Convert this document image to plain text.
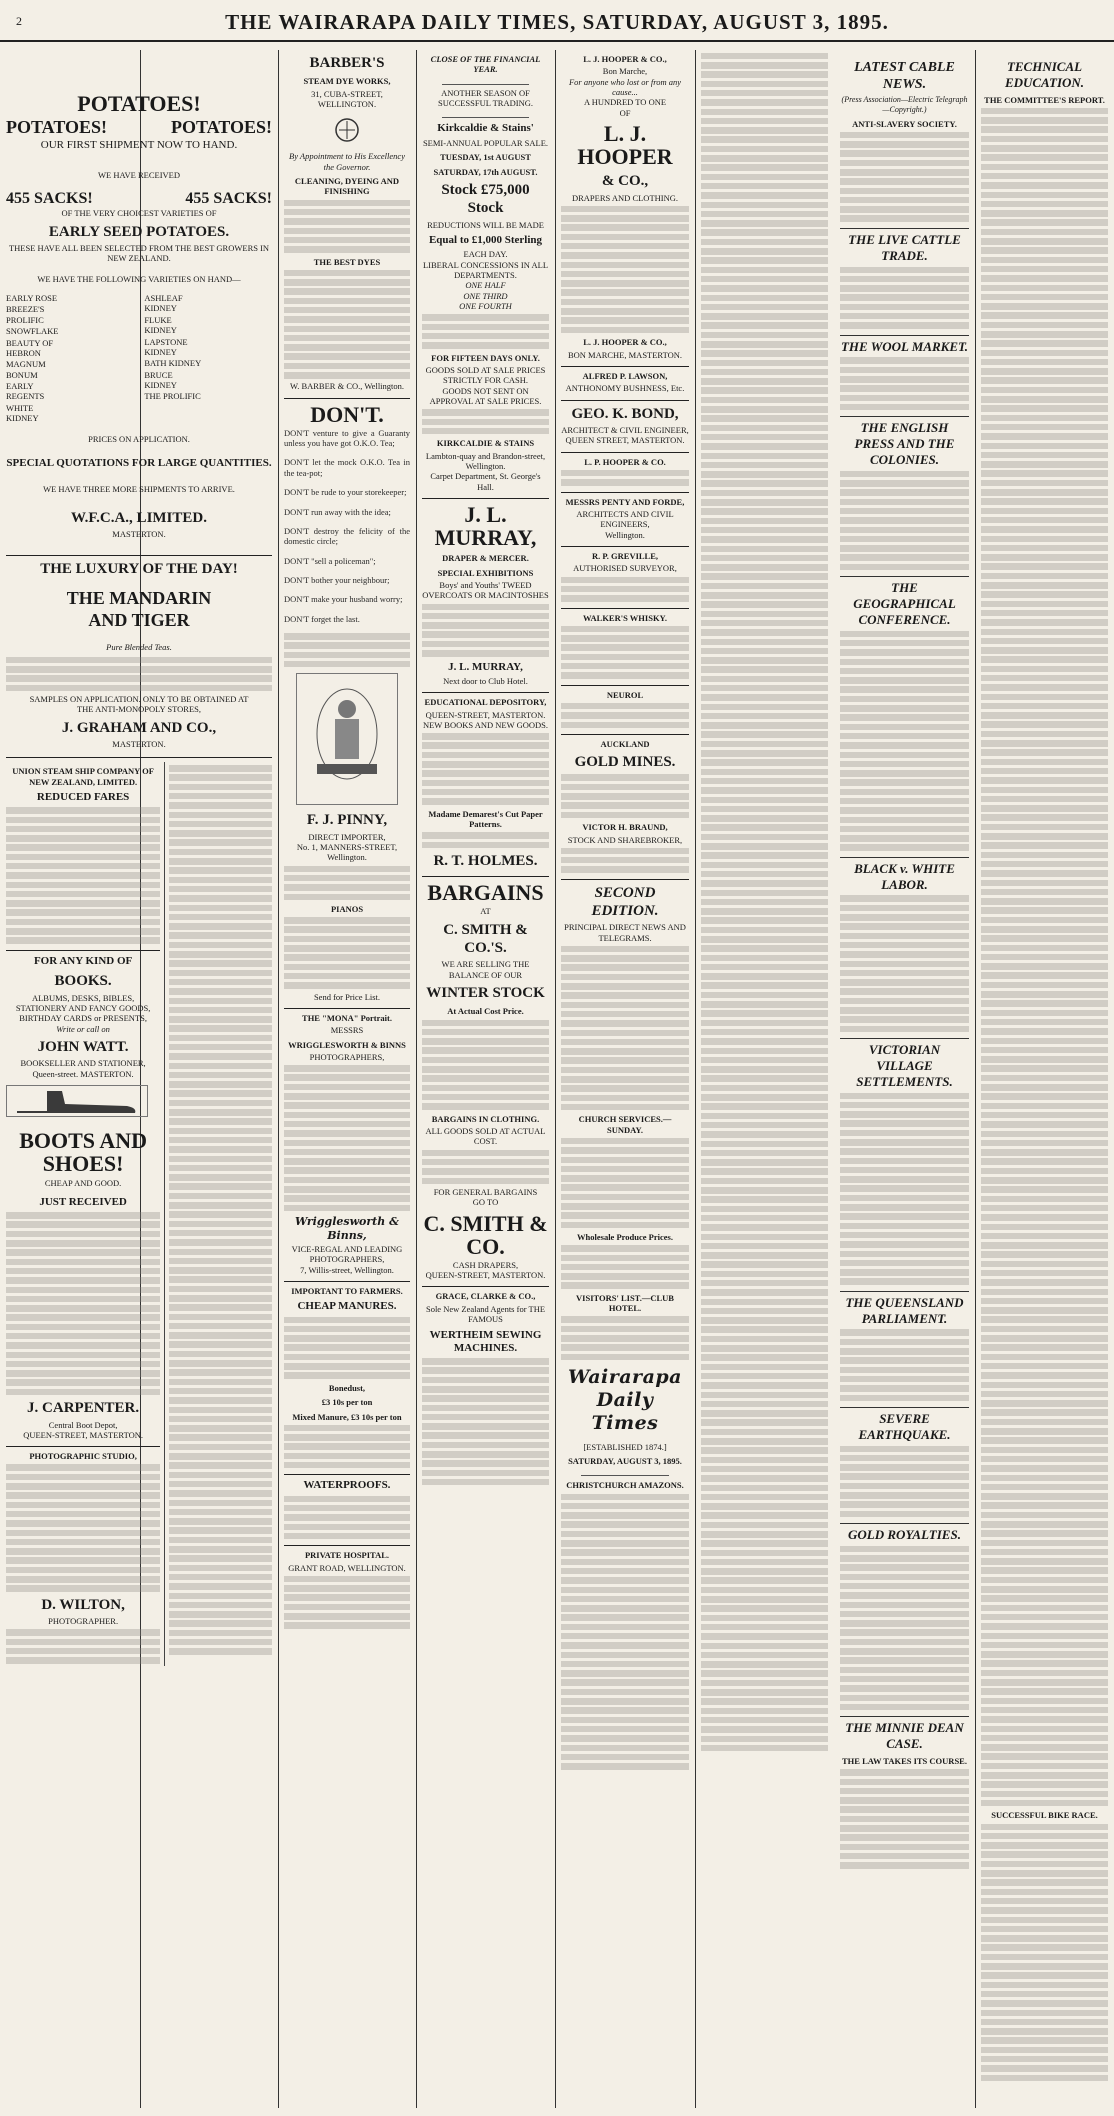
2	THE WAIRARAPA DAILY TIMES, SATURDAY, AUGUST 3, 1895.
POTATOES!
POTATOES!	POTATOES!
OUR FIRST SHIPMENT NOW TO HAND.
WE HAVE RECEIVED
455 SACKS!	455 SACKS!
OF THE VERY CHOICEST VARIETIES OF
EARLY SEED POTATOES.
THESE HAVE ALL BEEN SELECTED FROM THE BEST GROWERS IN NEW ZEALAND.
WE HAVE THE FOLLOWING VARIETIES ON HAND—
EARLY ROSE
BREEZE'S PROLIFIC
SNOWFLAKE
BEAUTY OF HEBRON
MAGNUM BONUM
EARLY REGENTS
WHITE KIDNEY
ASHLEAF KIDNEY
FLUKE KIDNEY
LAPSTONE KIDNEY
BATH KIDNEY
BRUCE KIDNEY
THE PROLIFIC
PRICES ON APPLICATION.
SPECIAL QUOTATIONS FOR LARGE QUANTITIES.
WE HAVE THREE MORE SHIPMENTS TO ARRIVE.
W.F.C.A., LIMITED.
MASTERTON.
THE LUXURY OF THE DAY!
THE MANDARIN AND TIGER
Pure Blended Teas.
SAMPLES ON APPLICATION. ONLY TO BE OBTAINED AT
THE ANTI-MONOPOLY STORES,
J. GRAHAM AND CO.,
MASTERTON.
UNION STEAM SHIP COMPANY OF NEW ZEALAND, LIMITED.
REDUCED FARES
FOR ANY KIND OF
BOOKS.
ALBUMS, DESKS, BIBLES, STATIONERY AND FANCY GOODS, BIRTHDAY CARDS or PRESENTS,
Write or call on
JOHN WATT.
BOOKSELLER AND STATIONER,
Queen-street. MASTERTON.
BOOTS AND SHOES!
CHEAP AND GOOD.
JUST RECEIVED
J. CARPENTER.
Central Boot Depot,
QUEEN-STREET, MASTERTON.
PHOTOGRAPHIC STUDIO,
D. WILTON,
PHOTOGRAPHER.
BARBER'S
STEAM DYE WORKS,
31, CUBA-STREET, WELLINGTON.
By Appointment to His Excellency the Governor.
CLEANING, DYEING AND FINISHING
THE BEST DYES
W. BARBER & CO., Wellington.
DON'T.
DON'T venture to give a Guaranty unless you have got O.K.O. Tea;
DON'T let the mock O.K.O. Tea in the tea-pot;
DON'T be rude to your storekeeper;
DON'T run away with the idea;
DON'T destroy the felicity of the domestic circle;
DON'T "sell a policeman";
DON'T bother your neighbour;
DON'T make your husband worry;
DON'T forget the last.
F. J. PINNY,
DIRECT IMPORTER,
No. 1, MANNERS-STREET, Wellington.
PIANOS
Send for Price List.
THE "MONA" Portrait.
MESSRS
WRIGGLESWORTH & BINNS
PHOTOGRAPHERS,
Wrigglesworth & Binns,
VICE-REGAL AND LEADING PHOTOGRAPHERS,
7, Willis-street, Wellington.
IMPORTANT TO FARMERS.
CHEAP MANURES.
Bonedust,
£3 10s per ton
Mixed Manure, £3 10s per ton
WATERPROOFS.
PRIVATE HOSPITAL.
GRANT ROAD, WELLINGTON.
CLOSE OF THE FINANCIAL YEAR.
ANOTHER SEASON OF SUCCESSFUL TRADING.
Kirkcaldie & Stains'
SEMI-ANNUAL POPULAR SALE.
TUESDAY, 1st AUGUST
SATURDAY, 17th AUGUST.
Stock £75,000 Stock
REDUCTIONS WILL BE MADE
Equal to £1,000 Sterling
EACH DAY.
LIBERAL CONCESSIONS IN ALL DEPARTMENTS.
ONE HALF
ONE THIRD
ONE FOURTH
FOR FIFTEEN DAYS ONLY.
GOODS SOLD AT SALE PRICES STRICTLY FOR CASH.
GOODS NOT SENT ON APPROVAL AT SALE PRICES.
KIRKCALDIE & STAINS
Lambton-quay and Brandon-street, Wellington.
Carpet Department, St. George's Hall.
J. L. MURRAY,
DRAPER & MERCER.
SPECIAL EXHIBITIONS
Boys' and Youths' TWEED
OVERCOATS OR MACINTOSHES
J. L. MURRAY,
Next door to Club Hotel.
EDUCATIONAL DEPOSITORY,
QUEEN-STREET, MASTERTON.
NEW BOOKS AND NEW GOODS.
Madame Demarest's Cut Paper Patterns.
R. T. HOLMES.
BARGAINS
AT
C. SMITH & CO.'S.
WE ARE SELLING THE BALANCE OF OUR
WINTER STOCK
At Actual Cost Price.
BARGAINS IN CLOTHING.
ALL GOODS SOLD AT ACTUAL COST.
FOR GENERAL BARGAINS
GO TO
C. SMITH & CO.
CASH DRAPERS,
QUEEN-STREET, MASTERTON.
GRACE, CLARKE & CO.,
Sole New Zealand Agents for THE FAMOUS
WERTHEIM SEWING MACHINES.
L. J. HOOPER & CO.,
Bon Marche,
For anyone who lost or from any cause...
A HUNDRED TO ONE
OF
L. J. HOOPER
& CO.,
DRAPERS AND CLOTHING.
L. J. HOOPER & CO.,
BON MARCHE, MASTERTON.
ALFRED P. LAWSON,
ANTHONOMY BUSHNESS, Etc.
GEO. K. BOND,
ARCHITECT & CIVIL ENGINEER,
QUEEN STREET, MASTERTON.
L. P. HOOPER & CO.
MESSRS PENTY AND FORDE,
ARCHITECTS AND CIVIL ENGINEERS,
Wellington.
R. P. GREVILLE,
AUTHORISED SURVEYOR,
WALKER'S WHISKY.
NEUROL
AUCKLAND
GOLD MINES.
VICTOR H. BRAUND,
STOCK AND SHAREBROKER,
SECOND EDITION.
PRINCIPAL DIRECT NEWS AND TELEGRAMS.
CHURCH SERVICES.—SUNDAY.
Wholesale Produce Prices.
VISITORS' LIST.—CLUB HOTEL.
Wairarapa Daily Times
[ESTABLISHED 1874.]
SATURDAY, AUGUST 3, 1895.
CHRISTCHURCH AMAZONS.
TECHNICAL EDUCATION.
THE COMMITTEE'S REPORT.
SUCCESSFUL BIKE RACE.
LATEST CABLE NEWS.
(Press Association—Electric Telegraph—Copyright.)
ANTI-SLAVERY SOCIETY.
THE LIVE CATTLE TRADE.
THE WOOL MARKET.
THE ENGLISH PRESS AND THE COLONIES.
THE GEOGRAPHICAL CONFERENCE.
BLACK v. WHITE LABOR.
VICTORIAN VILLAGE SETTLEMENTS.
THE QUEENSLAND PARLIAMENT.
SEVERE EARTHQUAKE.
GOLD ROYALTIES.
THE MINNIE DEAN CASE.
THE LAW TAKES ITS COURSE.
